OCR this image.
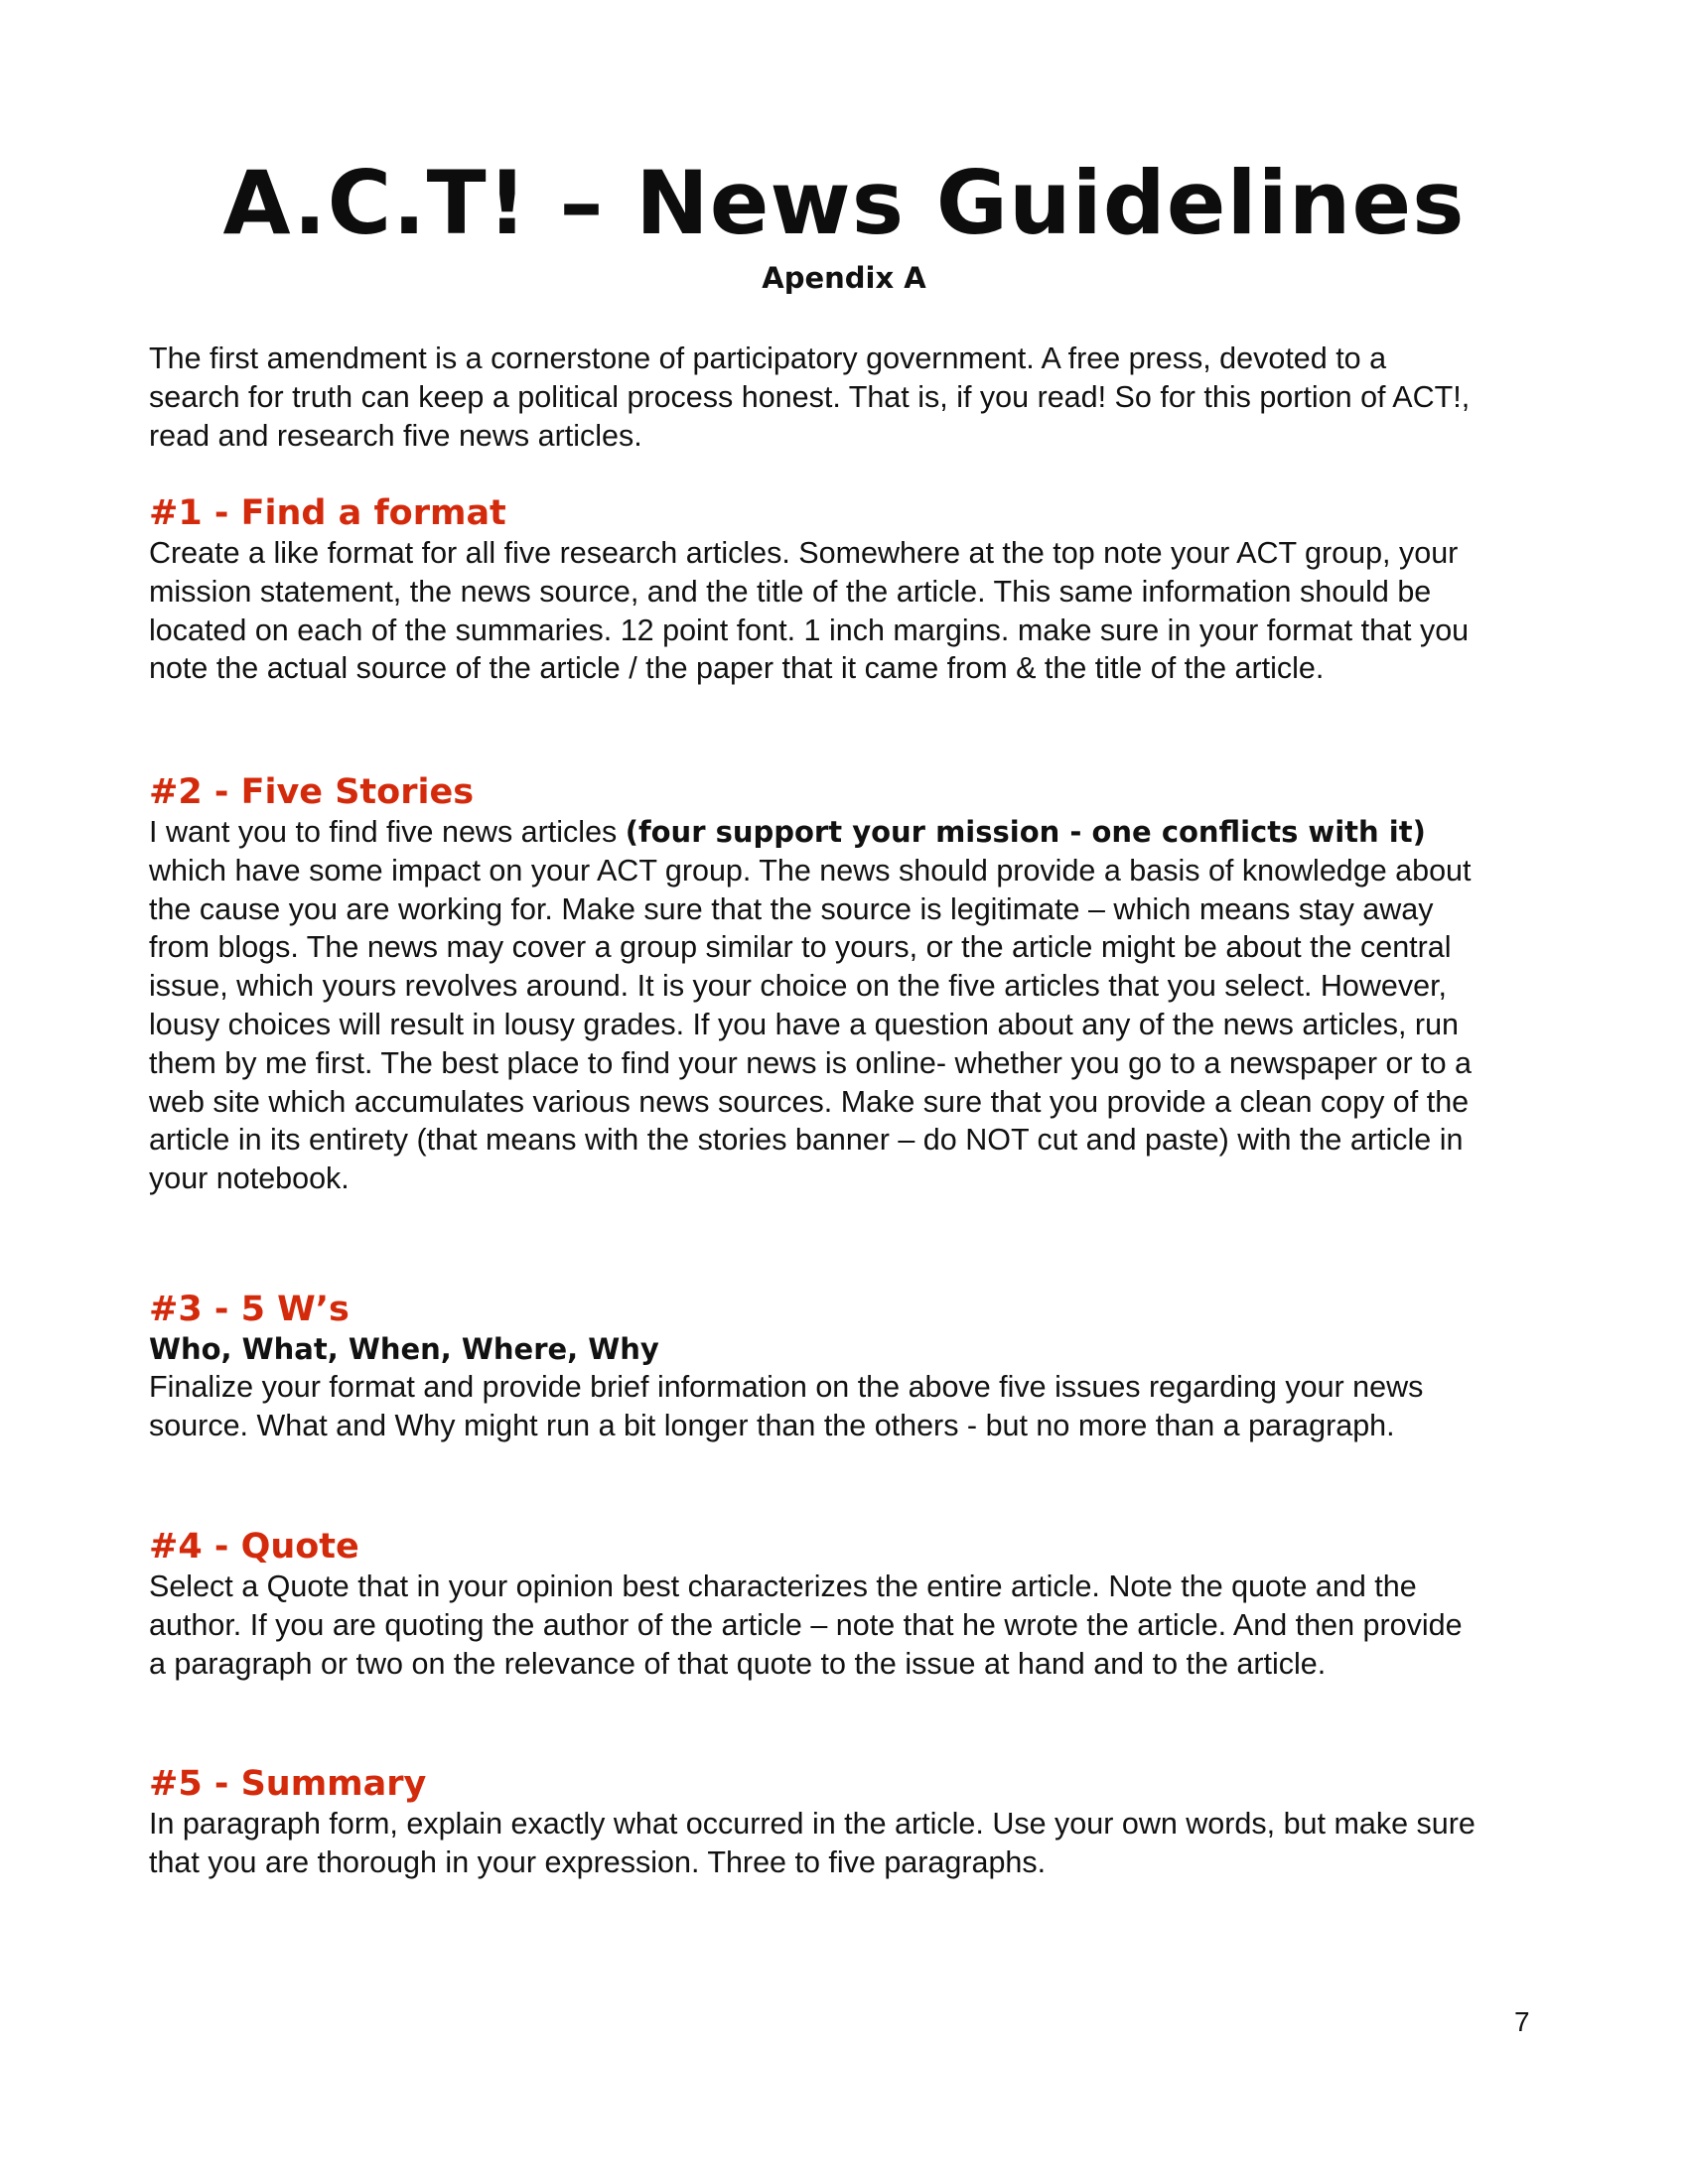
A.C.T! – News Guidelines
Apendix A

The first amendment is a cornerstone of participatory government. A free press, devoted to a search for truth can keep a political process honest. That is, if you read! So for this portion of ACT!, read and research five news articles.

#1 - Find a format

Create a like format for all five research articles. Somewhere at the top note your ACT group, your mission statement, the news source, and the title of the article. This same information should be located on each of the summaries. 12 point font. 1 inch margins. make sure in your format that you note the actual source of the article / the paper that it came from & the title of the article.

#2 - Five Stories

I want you to find five news articles (four support your mission - one conflicts with it) which have some impact on your ACT group. The news should provide a basis of knowledge about the cause you are working for. Make sure that the source is legitimate – which means stay away from blogs. The news may cover a group similar to yours, or the article might be about the central issue, which yours revolves around. It is your choice on the five articles that you select. However, lousy choices will result in lousy grades. If you have a question about any of the news articles, run them by me first. The best place to find your news is online- whether you go to a newspaper or to a web site which accumulates various news sources. Make sure that you provide a clean copy of the article in its entirety (that means with the stories banner – do NOT cut and paste) with the article in your notebook.

#3 - 5 W’s

Who, What, When, Where, Why

Finalize your format and provide brief information on the above five issues regarding your news source. What and Why might run a bit longer than the others - but no more than a paragraph.

#4 - Quote

Select a Quote that in your opinion best characterizes the entire article. Note the quote and the author. If you are quoting the author of the article – note that he wrote the article. And then provide a paragraph or two on the relevance of that quote to the issue at hand and to the article.

#5 - Summary

In paragraph form, explain exactly what occurred in the article. Use your own words, but make sure that you are thorough in your expression. Three to five paragraphs.

7
